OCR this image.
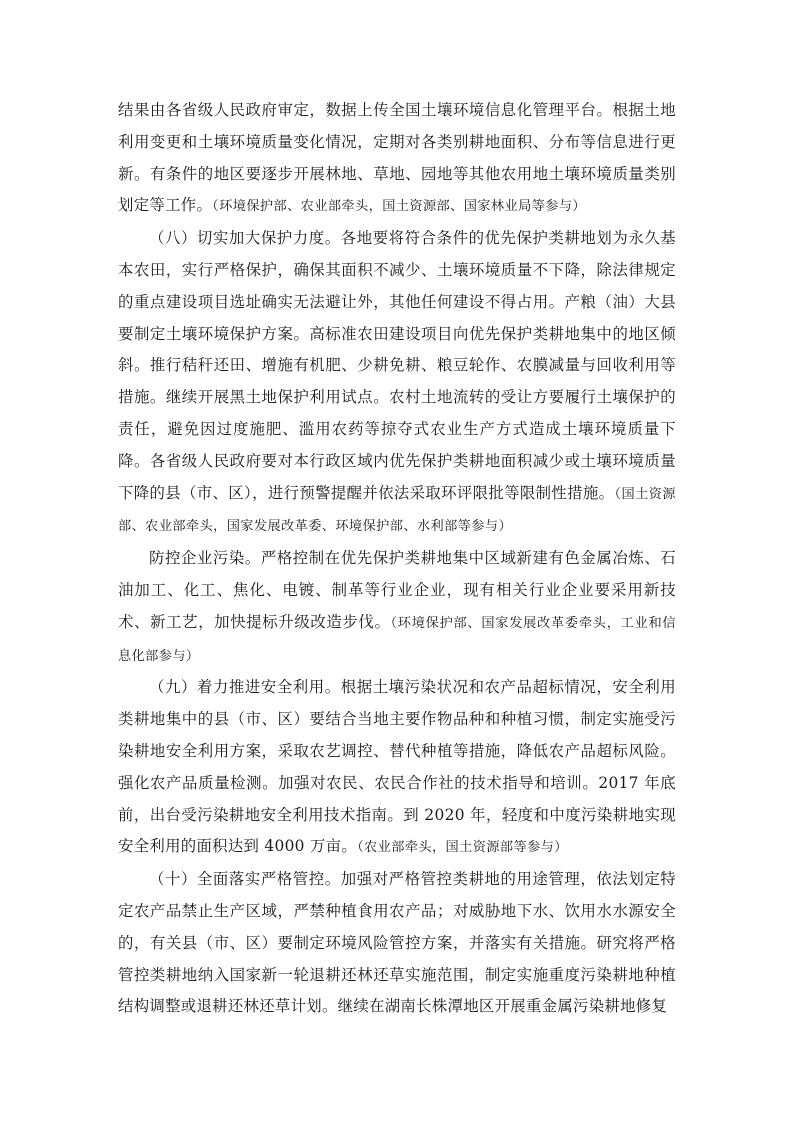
结果由各省级人民政府审定，数据上传全国土壤环境信息化管理平台。根据土地利用变更和土壤环境质量变化情况，定期对各类别耕地面积、分布等信息进行更新。有条件的地区要逐步开展林地、草地、园地等其他农用地土壤环境质量类别划定等工作。（环境保护部、农业部牵头，国土资源部、国家林业局等参与）

（八）切实加大保护力度。各地要将符合条件的优先保护类耕地划为永久基本农田，实行严格保护，确保其面积不减少、土壤环境质量不下降，除法律规定的重点建设项目选址确实无法避让外，其他任何建设不得占用。产粮（油）大县要制定土壤环境保护方案。高标准农田建设项目向优先保护类耕地集中的地区倾斜。推行秸秆还田、增施有机肥、少耕免耕、粮豆轮作、农膜减量与回收利用等措施。继续开展黑土地保护利用试点。农村土地流转的受让方要履行土壤保护的责任，避免因过度施肥、滥用农药等掠夺式农业生产方式造成土壤环境质量下降。各省级人民政府要对本行政区域内优先保护类耕地面积减少或土壤环境质量下降的县（市、区），进行预警提醒并依法采取环评限批等限制性措施。（国土资源部、农业部牵头，国家发展改革委、环境保护部、水利部等参与）

防控企业污染。严格控制在优先保护类耕地集中区域新建有色金属冶炼、石油加工、化工、焦化、电镀、制革等行业企业，现有相关行业企业要采用新技术、新工艺，加快提标升级改造步伐。（环境保护部、国家发展改革委牵头，工业和信息化部参与）

（九）着力推进安全利用。根据土壤污染状况和农产品超标情况，安全利用类耕地集中的县（市、区）要结合当地主要作物品种和种植习惯，制定实施受污染耕地安全利用方案，采取农艺调控、替代种植等措施，降低农产品超标风险。强化农产品质量检测。加强对农民、农民合作社的技术指导和培训。2017 年底前，出台受污染耕地安全利用技术指南。到 2020 年，轻度和中度污染耕地实现安全利用的面积达到 4000 万亩。（农业部牵头，国土资源部等参与）

（十）全面落实严格管控。加强对严格管控类耕地的用途管理，依法划定特定农产品禁止生产区域，严禁种植食用农产品；对威胁地下水、饮用水水源安全的，有关县（市、区）要制定环境风险管控方案，并落实有关措施。研究将严格管控类耕地纳入国家新一轮退耕还林还草实施范围，制定实施重度污染耕地种植结构调整或退耕还林还草计划。继续在湖南长株潭地区开展重金属污染耕地修复
